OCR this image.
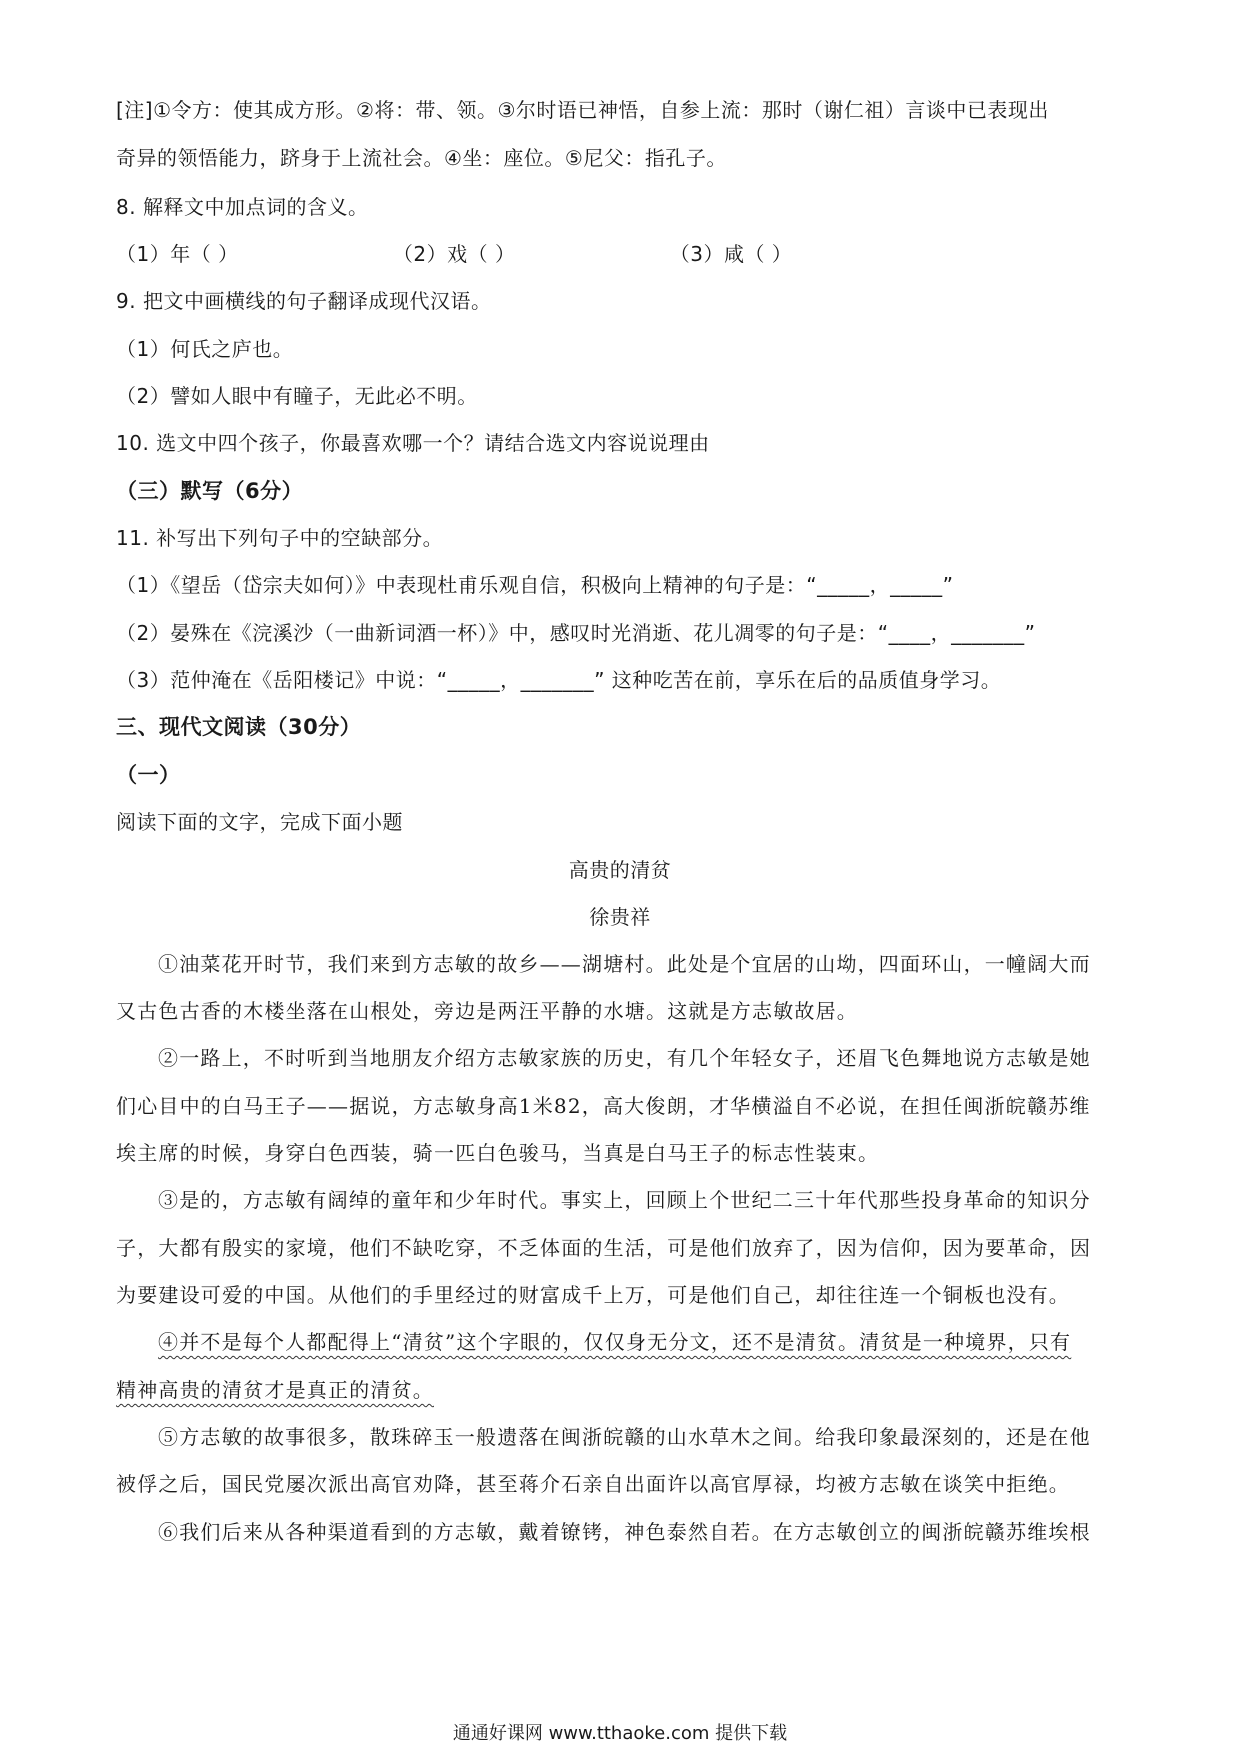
[注]①令方：使其成方形。②将：带、领。③尔时语已神悟，自参上流：那时（谢仁祖）言谈中已表现出
奇异的领悟能力，跻身于上流社会。④坐：座位。⑤尼父：指孔子。
8. 解释文中加点词的含义。
（1）年（ ）	（2）戏（ ）	（3）咸（ ）
9. 把文中画横线的句子翻译成现代汉语。
（1）何氏之庐也。
（2）譬如人眼中有瞳子，无此必不明。
10. 选文中四个孩子，你最喜欢哪一个？请结合选文内容说说理由
（三）默写（6分）
11. 补写出下列句子中的空缺部分。
（1）《望岳（岱宗夫如何）》中表现杜甫乐观自信，积极向上精神的句子是：“_____，_____”
（2）晏殊在《浣溪沙（一曲新词酒一杯）》中，感叹时光消逝、花儿凋零的句子是：“____，_______”
（3）范仲淹在《岳阳楼记》中说：“_____，_______” 这种吃苦在前，享乐在后的品质值身学习。
三、现代文阅读（30分）
（一）
阅读下面的文字，完成下面小题
高贵的清贫
徐贵祥
①油菜花开时节，我们来到方志敏的故乡——湖塘村。此处是个宜居的山坳，四面环山，一幢阔大而
又古色古香的木楼坐落在山根处，旁边是两汪平静的水塘。这就是方志敏故居。
②一路上，不时听到当地朋友介绍方志敏家族的历史，有几个年轻女子，还眉飞色舞地说方志敏是她
们心目中的白马王子——据说，方志敏身高1米82，高大俊朗，才华横溢自不必说，在担任闽浙皖赣苏维
埃主席的时候，身穿白色西装，骑一匹白色骏马，当真是白马王子的标志性装束。
③是的，方志敏有阔绰的童年和少年时代。事实上，回顾上个世纪二三十年代那些投身革命的知识分
子，大都有殷实的家境，他们不缺吃穿，不乏体面的生活，可是他们放弃了，因为信仰，因为要革命，因
为要建设可爱的中国。从他们的手里经过的财富成千上万，可是他们自己，却往往连一个铜板也没有。
④并不是每个人都配得上“清贫”这个字眼的，仅仅身无分文，还不是清贫。清贫是一种境界，只有
精神高贵的清贫才是真正的清贫。
⑤方志敏的故事很多，散珠碎玉一般遗落在闽浙皖赣的山水草木之间。给我印象最深刻的，还是在他
被俘之后，国民党屡次派出高官劝降，甚至蒋介石亲自出面许以高官厚禄，均被方志敏在谈笑中拒绝。
⑥我们后来从各种渠道看到的方志敏，戴着镣铐，神色泰然自若。在方志敏创立的闽浙皖赣苏维埃根
通通好课网 www.tthaoke.com 提供下载
